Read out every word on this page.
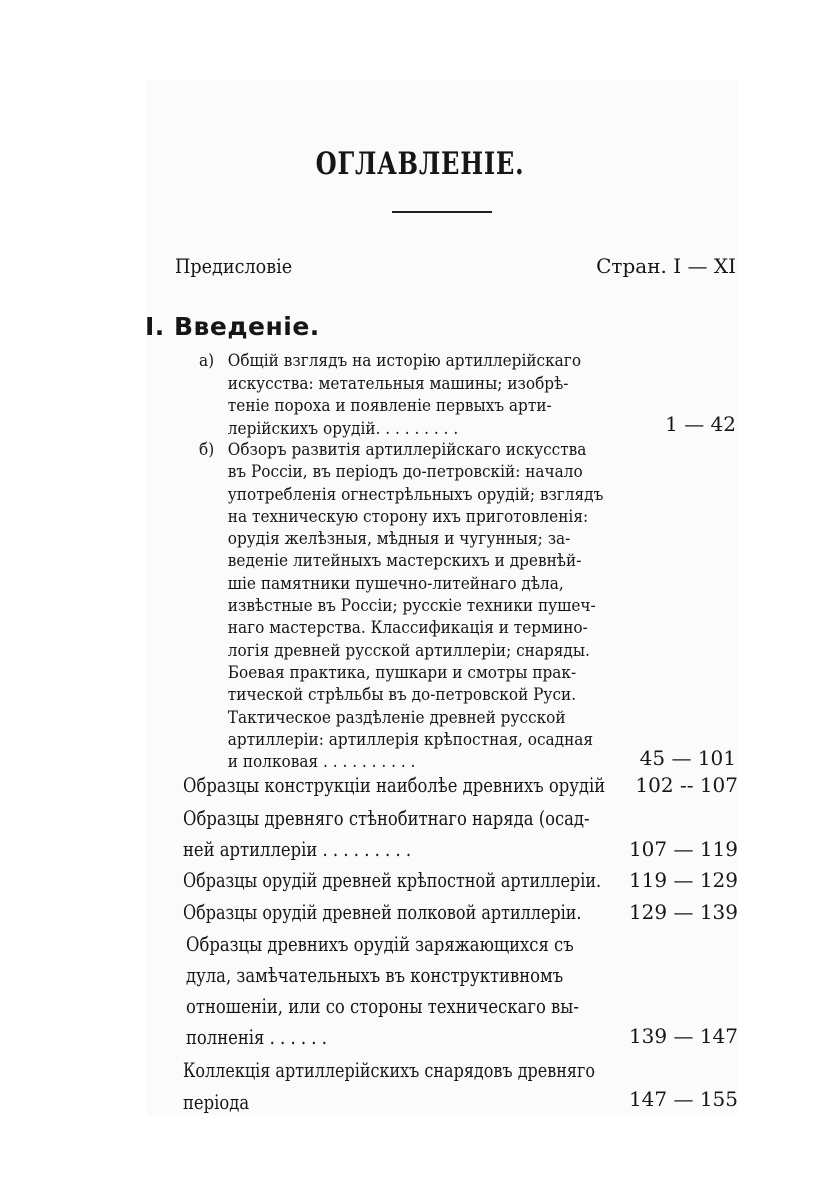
ОГЛАВЛЕНІЕ.
Предисловіе	Стран. I — XI
I. Введеніе.
а) Общій взглядъ на исторію артиллерійскаго
искусства: метательныя машины; изобрѣ-
теніе пороха и появленіе первыхъ арти-
лерійскихъ орудій. . . . . . . . .	1 — 42
б) Обзоръ развитія артиллерійскаго искусства
въ Россіи, въ періодъ до-петровскій: начало
употребленія огнестрѣльныхъ орудій; взглядъ
на техническую сторону ихъ приготовленія:
орудія желѣзныя, мѣдныя и чугунныя; за-
веденіе литейныхъ мастерскихъ и древнѣй-
шіе памятники пушечно-литейнаго дѣла,
извѣстные въ Россіи; русскіе техники пушеч-
наго мастерства. Классификація и термино-
логія древней русской артиллеріи; снаряды.
Боевая практика, пушкари и смотры прак-
тической стрѣльбы въ до-петровской Руси.
Тактическое раздѣленіе древней русской
артиллеріи: артиллерія крѣпостная, осадная
и полковая . . . . . . . . . .	45 — 101
Образцы конструкціи наиболѣе древнихъ орудій 102 -- 107
Образцы древняго стѣнобитнаго наряда (осад-
ней артиллеріи . . . . . . . . .	107 — 119
Образцы орудій древней крѣпостной артиллеріи. 119 — 129
Образцы орудій древней полковой артиллеріи. 129 — 139
Образцы древнихъ орудій заряжающихся съ
дула, замѣчательныхъ въ конструктивномъ
отношеніи, или со стороны техническаго вы-
полненія . . . . . .	139 — 147
Коллекція артиллерійскихъ снарядовъ древняго
періода	147 — 155
